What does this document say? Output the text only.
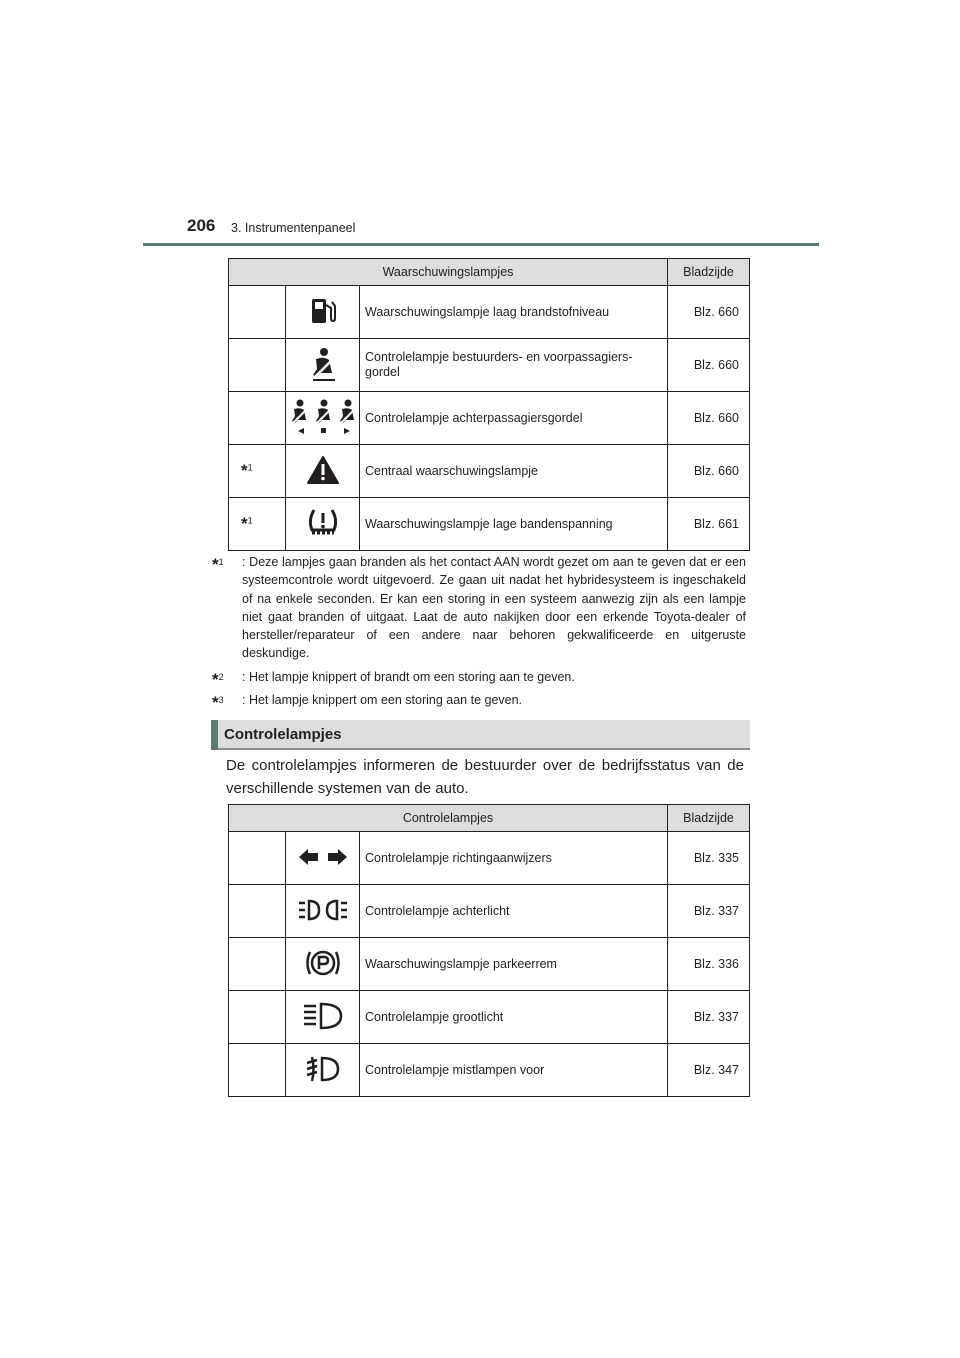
206 3. Instrumentenpaneel
Waarschuwingslampjes			Bladzijde
		Waarschuwingslampje laag brandstofniveau	Blz. 660
		Controlelampje bestuurders- en voorpassagiers-gordel	Blz. 660
		Controlelampje achterpassagiersgordel	Blz. 660
*$^1$		Centraal waarschuwingslampje	Blz. 660
*$^1$		Waarschuwingslampje lage bandenspanning	Blz. 661
*$^1$ : Deze lampjes gaan branden als het contact AAN wordt gezet om aan te geven dat er een systeemcontrole wordt uitgevoerd. Ze gaan uit nadat het hybridesysteem is ingeschakeld of na enkele seconden. Er kan een storing in een systeem aanwezig zijn als een lampje niet gaat branden of uitgaat. Laat de auto nakijken door een erkende Toyota-dealer of hersteller/reparateur of een andere naar behoren gekwalificeerde en uitgeruste deskundige.
*$^2$ : Het lampje knippert of brandt om een storing aan te geven.
*$^3$ : Het lampje knippert om een storing aan te geven.
Controlelampjes
De controlelampjes informeren de bestuurder over de bedrijfsstatus van de verschillende systemen van de auto.
Controlelampjes			Bladzijde
		Controlelampje richtingaanwijzers	Blz. 335
		Controlelampje achterlicht	Blz. 337
		Waarschuwingslampje parkeerrem	Blz. 336
		Controlelampje grootlicht	Blz. 337
		Controlelampje mistlampen voor	Blz. 347
